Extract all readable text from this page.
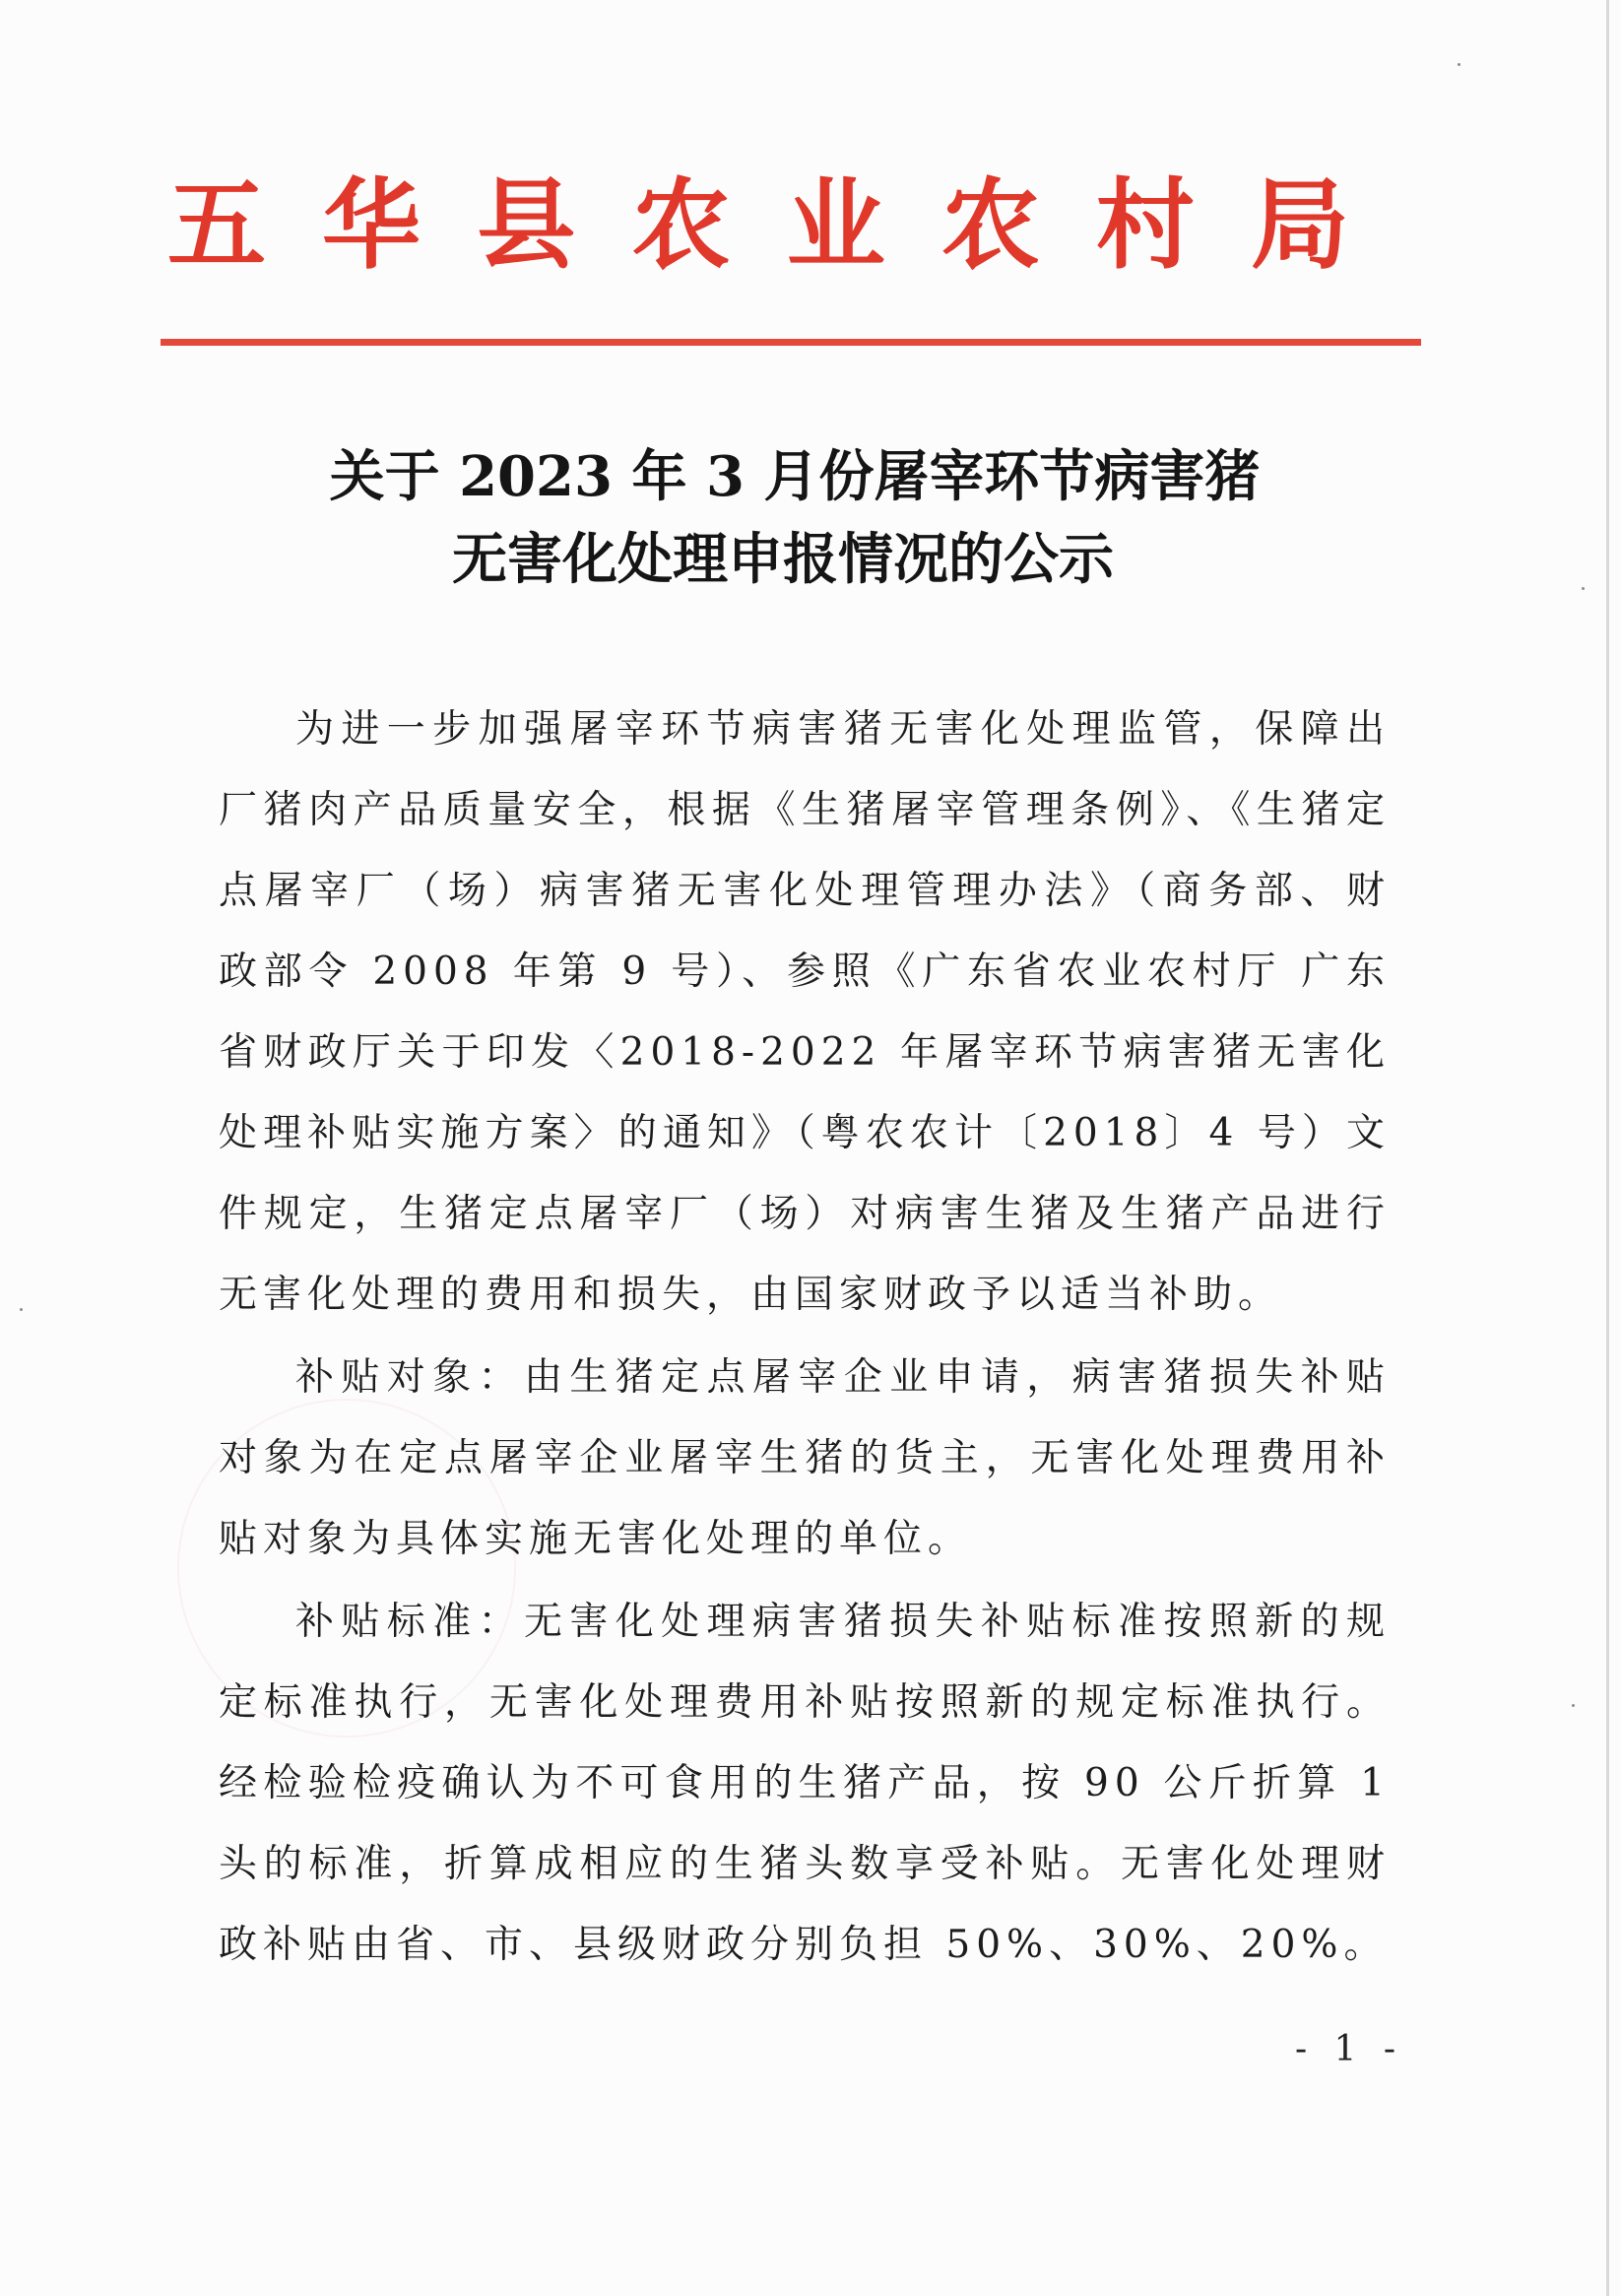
五 华 县 农 业 农 村 局
关于 2023 年 3 月份屠宰环节病害猪
无害化处理申报情况的公示

为进一步加强屠宰环节病害猪无害化处理监管，保障出厂猪肉产品质量安全，根据《生猪屠宰管理条例》、《生猪定点屠宰厂（场）病害猪无害化处理管理办法》（商务部、财政部令 2008 年第 9 号）、参照《广东省农业农村厅 广东省财政厅关于印发〈2018-2022 年屠宰环节病害猪无害化处理补贴实施方案〉的通知》（粤农农计〔2018〕4 号）文件规定，生猪定点屠宰厂（场）对病害生猪及生猪产品进行无害化处理的费用和损失，由国家财政予以适当补助。

补贴对象：由生猪定点屠宰企业申请，病害猪损失补贴对象为在定点屠宰企业屠宰生猪的货主，无害化处理费用补贴对象为具体实施无害化处理的单位。

补贴标准：无害化处理病害猪损失补贴标准按照新的规定标准执行，无害化处理费用补贴按照新的规定标准执行。经检验检疫确认为不可食用的生猪产品，按 90 公斤折算 1 头的标准，折算成相应的生猪头数享受补贴。无害化处理财政补贴由省、市、县级财政分别负担 50%、30%、20%。

- 1 -
